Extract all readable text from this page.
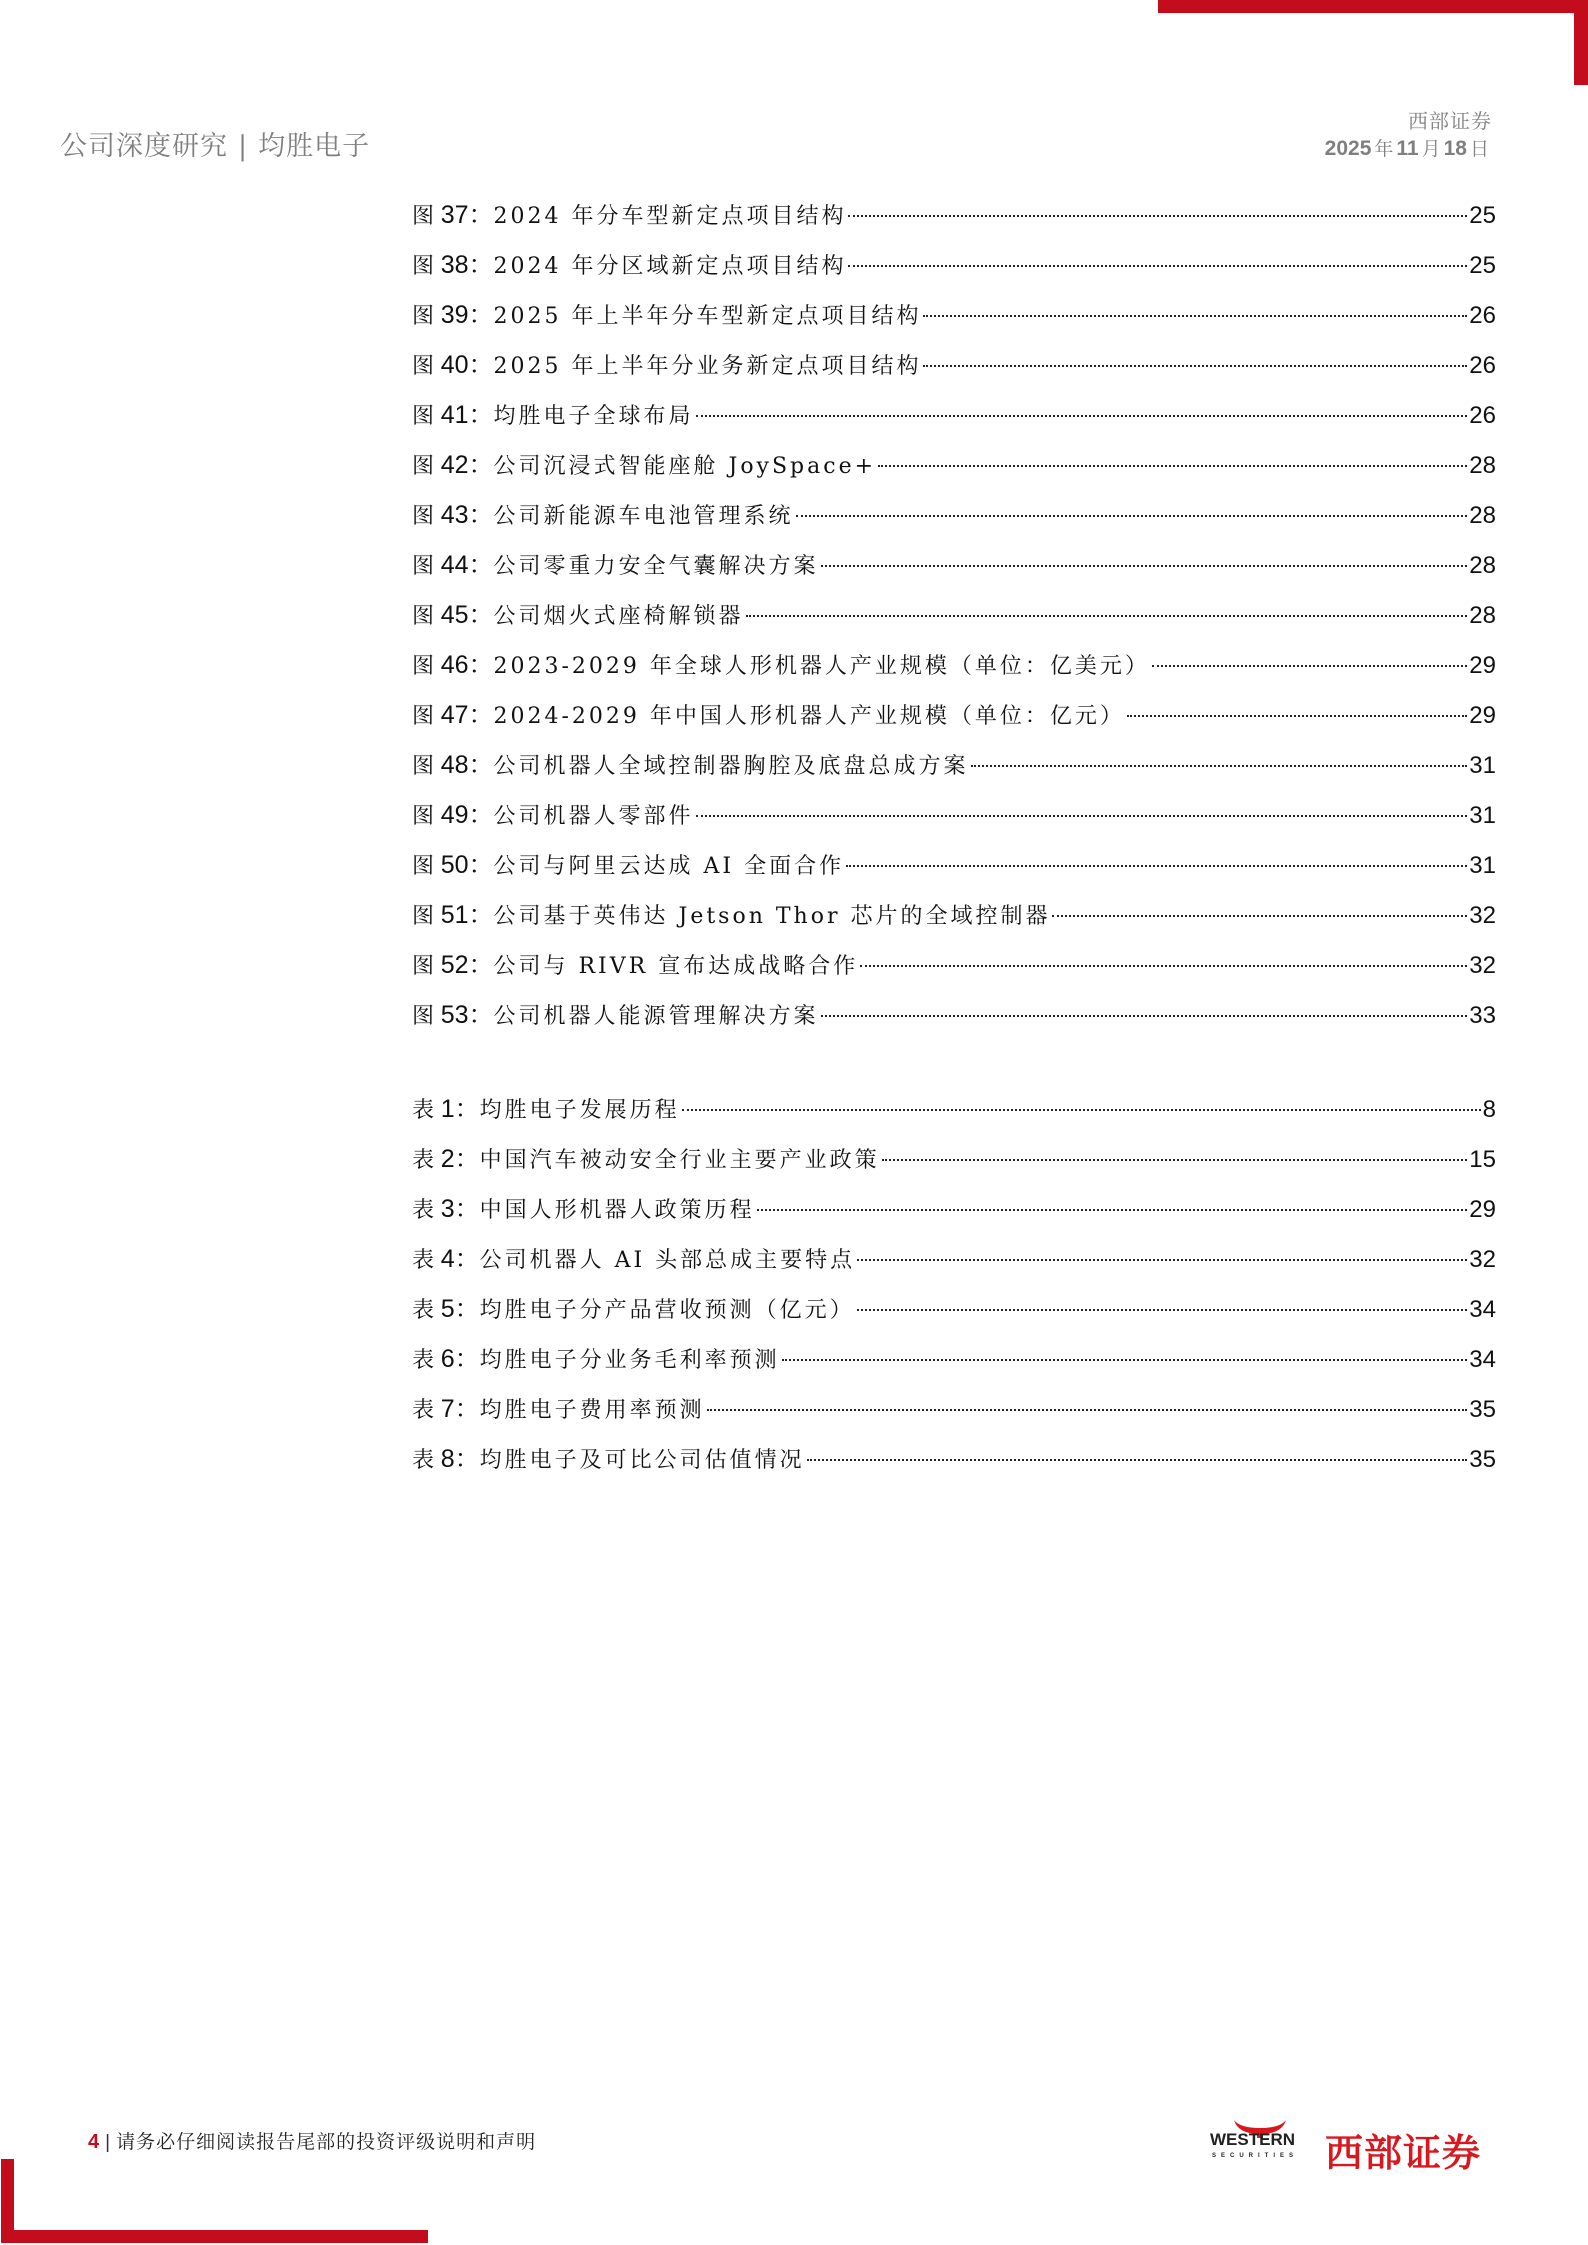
公司深度研究 | 均胜电子
西部证券
2025 年 11 月 18 日
图 37：2024 年分车型新定点项目结构	25
图 38：2024 年分区域新定点项目结构	25
图 39：2025 年上半年分车型新定点项目结构	26
图 40：2025 年上半年分业务新定点项目结构	26
图 41：均胜电子全球布局	26
图 42：公司沉浸式智能座舱 JoySpace+	28
图 43：公司新能源车电池管理系统	28
图 44：公司零重力安全气囊解决方案	28
图 45：公司烟火式座椅解锁器	28
图 46：2023-2029 年全球人形机器人产业规模（单位：亿美元）	29
图 47：2024-2029 年中国人形机器人产业规模（单位：亿元）	29
图 48：公司机器人全域控制器胸腔及底盘总成方案	31
图 49：公司机器人零部件	31
图 50：公司与阿里云达成 AI 全面合作	31
图 51：公司基于英伟达 Jetson Thor 芯片的全域控制器	32
图 52：公司与 RIVR 宣布达成战略合作	32
图 53：公司机器人能源管理解决方案	33
表 1：均胜电子发展历程	8
表 2：中国汽车被动安全行业主要产业政策	15
表 3：中国人形机器人政策历程	29
表 4：公司机器人 AI 头部总成主要特点	32
表 5：均胜电子分产品营收预测（亿元）	34
表 6：均胜电子分业务毛利率预测	34
表 7：均胜电子费用率预测	35
表 8：均胜电子及可比公司估值情况	35
4 | 请务必仔细阅读报告尾部的投资评级说明和声明	WESTERN
SECURITIES 西部证券
